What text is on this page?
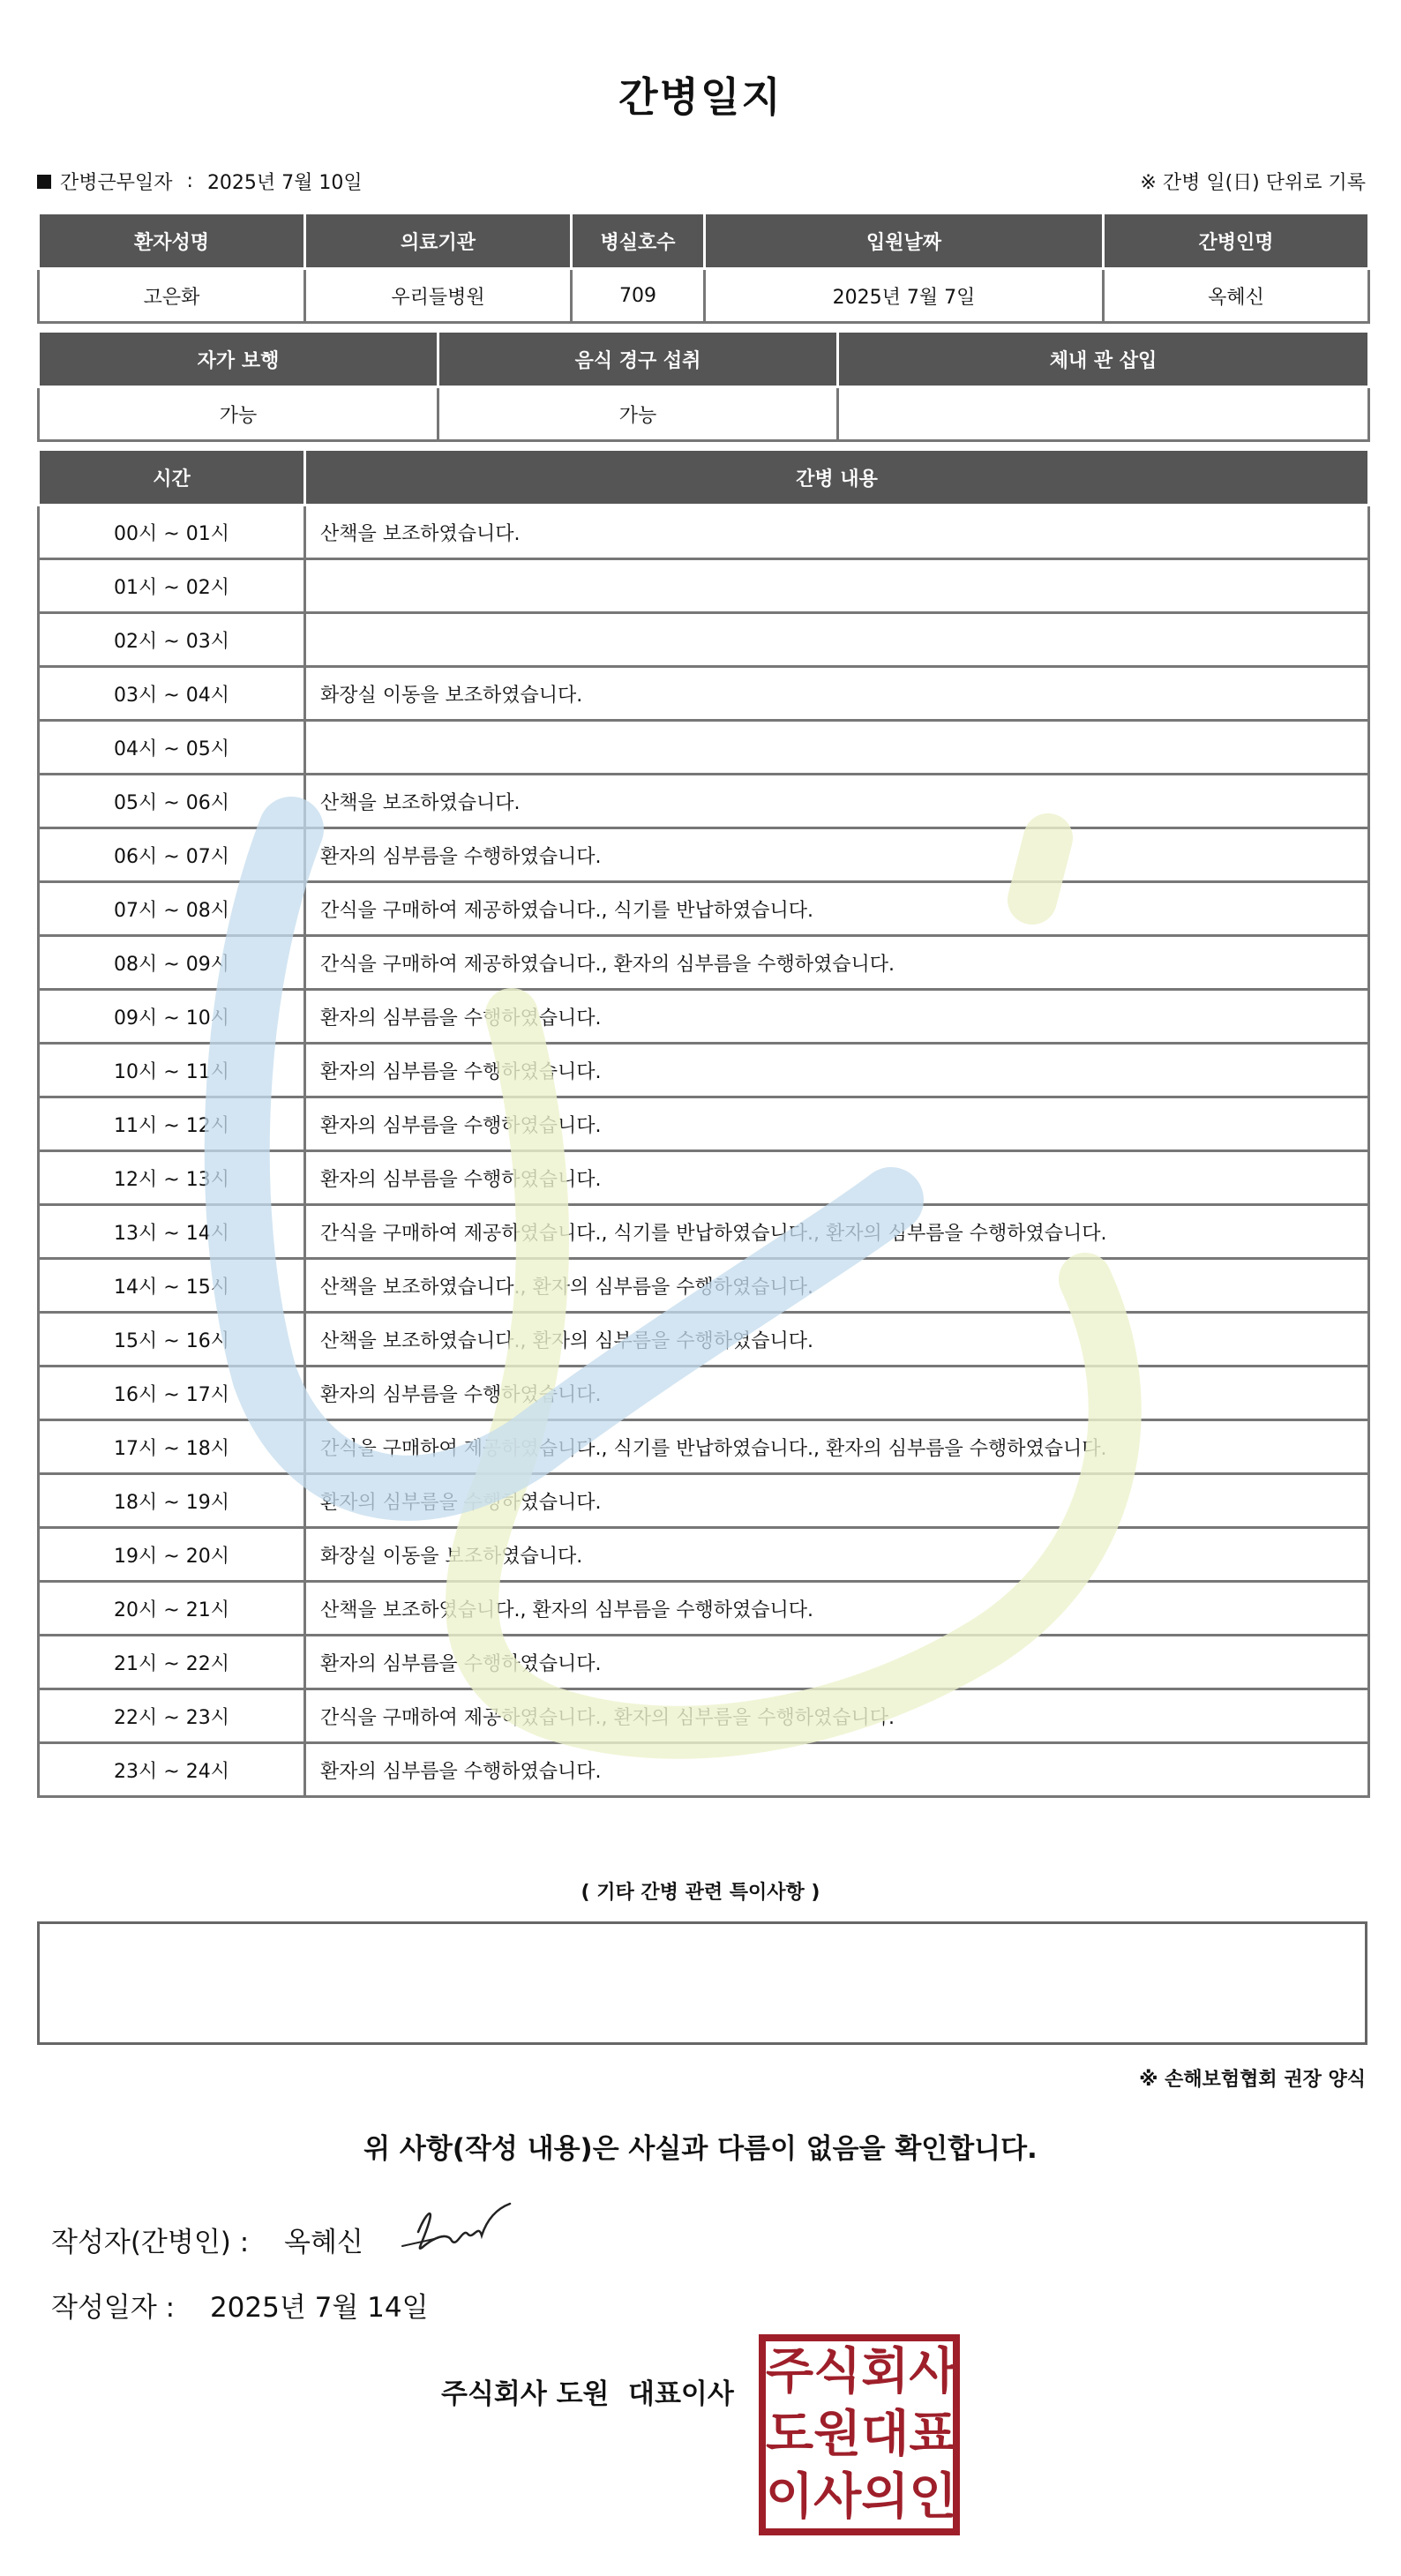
간병일지
간병근무일자 : 2025년 7월 10일	※ 간병 일(日) 단위로 기록
환자성명	의료기관	병실호수	입원날짜	간병인명
고은화	우리들병원	709	2025년 7월 7일	옥혜신
자가 보행	음식 경구 섭취	체내 관 삽입
가능	가능	
시간	간병 내용
00시 ~ 01시	산책을 보조하였습니다.
01시 ~ 02시	
02시 ~ 03시	
03시 ~ 04시	화장실 이동을 보조하였습니다.
04시 ~ 05시	
05시 ~ 06시	산책을 보조하였습니다.
06시 ~ 07시	환자의 심부름을 수행하였습니다.
07시 ~ 08시	간식을 구매하여 제공하였습니다., 식기를 반납하였습니다.
08시 ~ 09시	간식을 구매하여 제공하였습니다., 환자의 심부름을 수행하였습니다.
09시 ~ 10시	환자의 심부름을 수행하였습니다.
10시 ~ 11시	환자의 심부름을 수행하였습니다.
11시 ~ 12시	환자의 심부름을 수행하였습니다.
12시 ~ 13시	환자의 심부름을 수행하였습니다.
13시 ~ 14시	간식을 구매하여 제공하였습니다., 식기를 반납하였습니다., 환자의 심부름을 수행하였습니다.
14시 ~ 15시	산책을 보조하였습니다., 환자의 심부름을 수행하였습니다.
15시 ~ 16시	산책을 보조하였습니다., 환자의 심부름을 수행하였습니다.
16시 ~ 17시	환자의 심부름을 수행하였습니다.
17시 ~ 18시	간식을 구매하여 제공하였습니다., 식기를 반납하였습니다., 환자의 심부름을 수행하였습니다.
18시 ~ 19시	환자의 심부름을 수행하였습니다.
19시 ~ 20시	화장실 이동을 보조하였습니다.
20시 ~ 21시	산책을 보조하였습니다., 환자의 심부름을 수행하였습니다.
21시 ~ 22시	환자의 심부름을 수행하였습니다.
22시 ~ 23시	간식을 구매하여 제공하였습니다., 환자의 심부름을 수행하였습니다.
23시 ~ 24시	환자의 심부름을 수행하였습니다.
( 기타 간병 관련 특이사항 )
※ 손해보험협회 권장 양식
위 사항(작성 내용)은 사실과 다름이 없음을 확인합니다.
작성자(간병인) : 옥혜신
작성일자 : 2025년 7월 14일
주식회사 도원 대표이사 주 식 회 사
도 원 대 표
이 사 의 인
